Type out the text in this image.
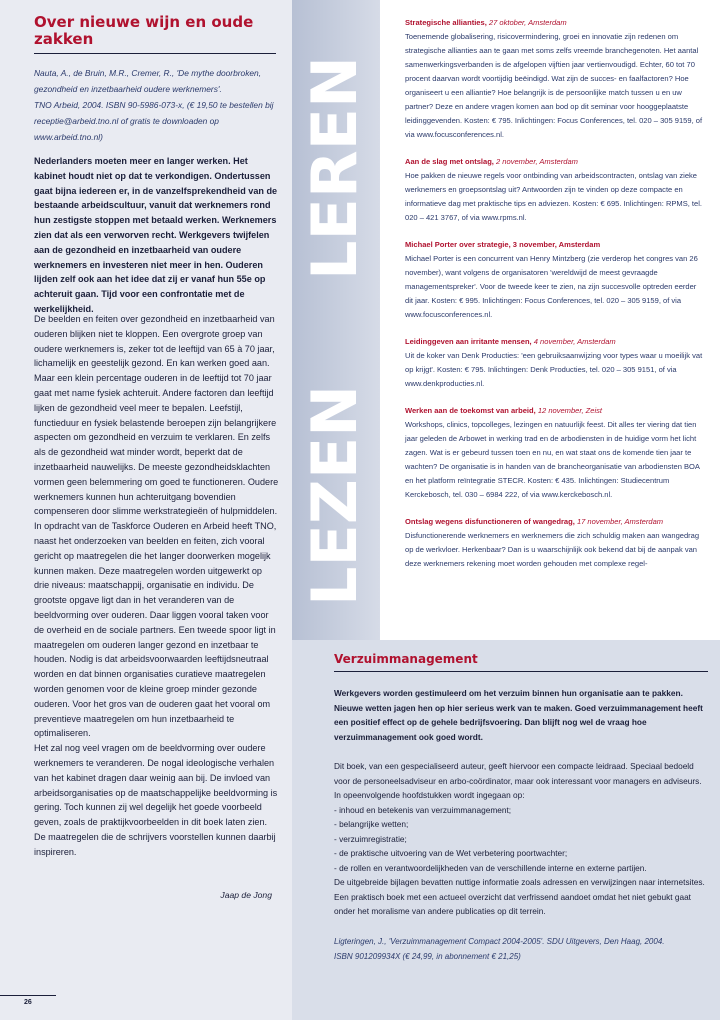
LEREN
LEZEN
Over nieuwe wijn en oude zakken

Nauta, A., de Bruin, M.R., Cremer, R., 'De mythe doorbroken,

gezondheid en inzetbaarheid oudere werknemers'.

TNO Arbeid, 2004. ISBN 90-5986-073-x, (€ 19,50 te bestellen bij

receptie@arbeid.tno.nl of gratis te downloaden op

www.arbeid.tno.nl)

Nederlanders moeten meer en langer werken. Het kabinet houdt niet op dat te verkondigen. Ondertussen gaat bijna iedereen er, in de vanzelfsprekendheid van de bestaande arbeidscultuur, vanuit dat werknemers rond hun zestigste stoppen met betaald werken. Werknemers zien dat als een verworven recht. Werkgevers twijfelen aan de gezondheid en inzetbaarheid van oudere werknemers en investeren niet meer in hen. Ouderen lijden zelf ook aan het idee dat zij er vanaf hun 55e op achteruit gaan. Tijd voor een confrontatie met de werkelijkheid.

De beelden en feiten over gezondheid en inzetbaarheid van ouderen blijken niet te kloppen. Een overgrote groep van oudere werknemers is, zeker tot de leeftijd van 65 à 70 jaar, lichamelijk en geestelijk gezond. En kan werken goed aan. Maar een klein percentage ouderen in de leeftijd tot 70 jaar gaat met name fysiek achteruit. Andere factoren dan leeftijd lijken de gezondheid veel meer te bepalen. Leefstijl, functieduur en fysiek belastende beroepen zijn belangrijkere aspecten om gezondheid en verzuim te verklaren. En zelfs als de gezondheid wat minder wordt, beperkt dat de inzetbaarheid nauwelijks. De meeste gezondheidsklachten vormen geen belemmering om goed te functioneren. Oudere werknemers kunnen hun achteruitgang bovendien compenseren door slimme werkstrategieën of hulpmiddelen.

In opdracht van de Taskforce Ouderen en Arbeid heeft TNO, naast het onderzoeken van beelden en feiten, zich vooral gericht op maatregelen die het langer doorwerken mogelijk kunnen maken. Deze maatregelen worden uitgewerkt op drie niveaus: maatschappij, organisatie en individu. De grootste opgave ligt dan in het veranderen van de beeldvorming over ouderen. Daar liggen vooral taken voor de overheid en de sociale partners. Een tweede spoor ligt in maatregelen om ouderen langer gezond en inzetbaar te houden. Nodig is dat arbeidsvoorwaarden leeftijdsneutraal worden en dat binnen organisaties curatieve maatregelen worden genomen voor de kleine groep minder gezonde ouderen. Voor het gros van de ouderen gaat het vooral om preventieve maatregelen om hun inzetbaarheid te optimaliseren.

Het zal nog veel vragen om de beeldvorming over oudere werknemers te veranderen. De nogal ideologische verhalen van het kabinet dragen daar weinig aan bij. De invloed van arbeidsorganisaties op de maatschappelijke beeldvorming is gering. Toch kunnen zij wel degelijk het goede voorbeeld geven, zoals de praktijkvoorbeelden in dit boek laten zien. De maatregelen die de schrijvers voorstellen kunnen daarbij inspireren.

Jaap de Jong
26
Strategische allianties, 27 oktober, Amsterdam

Toenemende globalisering, risicovermindering, groei en innovatie zijn redenen om strategische allianties aan te gaan met soms zelfs vreemde branchegenoten. Het aantal samenwerkingsverbanden is de afgelopen vijftien jaar vertienvoudigd. Echter, 60 tot 70 procent daarvan wordt voortijdig beëindigd. Wat zijn de succes- en faalfactoren? Hoe organiseert u een alliantie? Hoe belangrijk is de persoonlijke match tussen u en uw partner? Deze en andere vragen komen aan bod op dit seminar voor hooggeplaatste leidinggevenden. Kosten: € 795. Inlichtingen: Focus Conferences, tel. 020 – 305 9159, of via www.focusconferences.nl.

Aan de slag met ontslag, 2 november, Amsterdam

Hoe pakken de nieuwe regels voor ontbinding van arbeidscontracten, ontslag van zieke werknemers en groepsontslag uit? Antwoorden zijn te vinden op deze compacte en informatieve dag met praktische tips en adviezen. Kosten: € 695. Inlichtingen: RPMS, tel. 020 – 421 3767, of via www.rpms.nl.

Michael Porter over strategie, 3 november, Amsterdam

Michael Porter is een concurrent van Henry Mintzberg (zie verderop het congres van 26 november), want volgens de organisatoren 'wereldwijd de meest gevraagde managementspreker'. Voor de tweede keer te zien, na zijn succesvolle optreden eerder dit jaar. Kosten: € 995. Inlichtingen: Focus Conferences, tel. 020 – 305 9159, of via www.focusconferences.nl.

Leidinggeven aan irritante mensen, 4 november, Amsterdam

Uit de koker van Denk Producties: 'een gebruiksaanwijzing voor types waar u moeilijk vat op krijgt'. Kosten: € 795. Inlichtingen: Denk Producties, tel. 020 – 305 9151, of via www.denkproducties.nl.

Werken aan de toekomst van arbeid, 12 november, Zeist

Workshops, clinics, topcolleges, lezingen en natuurlijk feest. Dit alles ter viering dat tien jaar geleden de Arbowet in werking trad en de arbodiensten in de huidige vorm het licht zagen. Wat is er gebeurd tussen toen en nu, en wat staat ons de komende tien jaar te wachten? De organisatie is in handen van de brancheorganisatie van arbodiensten BOA en het platform reïntegratie STECR. Kosten: € 435. Inlichtingen: Studiecentrum Kerckebosch, tel. 030 – 6984 222, of via www.kerckebosch.nl.

Ontslag wegens disfunctioneren of wangedrag, 17 november, Amsterdam

Disfunctionerende werknemers en werknemers die zich schuldig maken aan wangedrag op de werkvloer. Herkenbaar? Dan is u waarschijnlijk ook bekend dat bij de aanpak van deze werknemers rekening moet worden gehouden met complexe regel-

Verzuimmanagement

Werkgevers worden gestimuleerd om het verzuim binnen hun organisatie aan te pakken. Nieuwe wetten jagen hen op hier serieus werk van te maken. Goed verzuimmanagement heeft een positief effect op de gehele bedrijfsvoering. Dan blijft nog wel de vraag hoe verzuimmanagement ook goed wordt.

Dit boek, van een gespecialiseerd auteur, geeft hiervoor een compacte leidraad. Speciaal bedoeld voor de personeelsadviseur en arbo-coördinator, maar ook interessant voor managers en adviseurs. In opeenvolgende hoofdstukken wordt ingegaan op:

- inhoud en betekenis van verzuimmanagement;
- belangrijke wetten;
- verzuimregistratie;
- de praktische uitvoering van de Wet verbetering poortwachter;
- de rollen en verantwoordelijkheden van de verschillende interne en externe partijen.

De uitgebreide bijlagen bevatten nuttige informatie zoals adressen en verwijzingen naar internetsites. Een praktisch boek met een actueel overzicht dat verfrissend aandoet omdat het niet gebukt gaat onder het moralisme van andere publicaties op dit terrein.

Ligteringen, J., 'Verzuimmanagement Compact 2004-2005'. SDU Uitgevers, Den Haag, 2004.

ISBN 901209934X (€ 24,99, in abonnement € 21,25)
